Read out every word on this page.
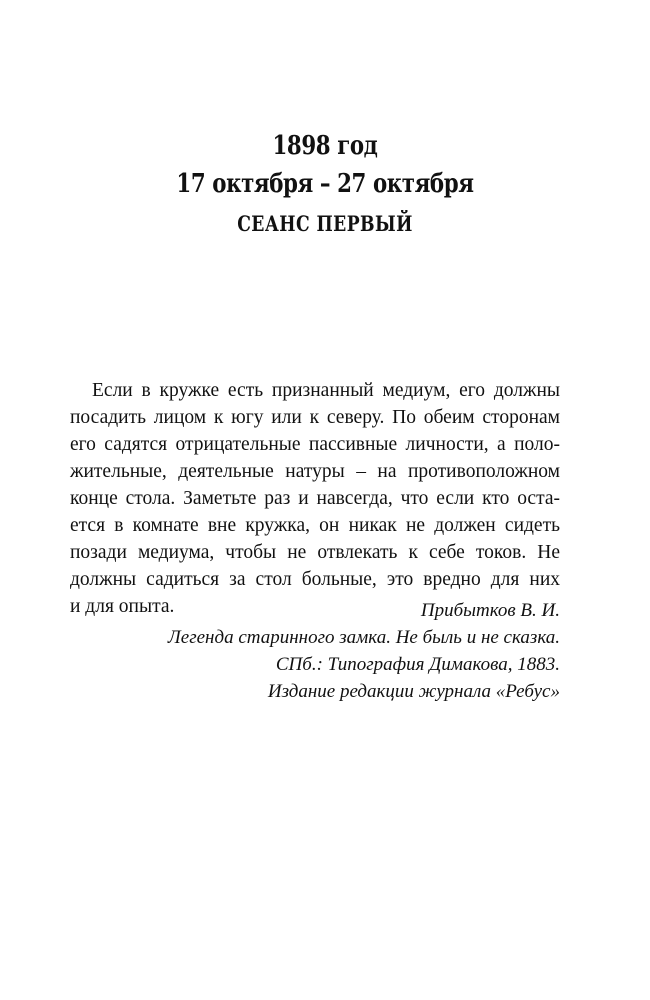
1898 год
17 октября – 27 октября
СЕАНС ПЕРВЫЙ
Если в кружке есть признанный медиум, его должны
посадить лицом к югу или к северу. По обеим сторонам
его садятся отрицательные пассивные личности, а поло-
жительные, деятельные натуры – на противоположном
конце стола. Заметьте раз и навсегда, что если кто оста-
ется в комнате вне кружка, он никак не должен сидеть
позади медиума, чтобы не отвлекать к себе токов. Не
должны садиться за стол больные, это вредно для них
и для опыта.	Прибытков В. И.
Легенда старинного замка. Не быль и не сказка.
СПб.: Типография Димакова, 1883.
Издание редакции журнала «Ребус»
